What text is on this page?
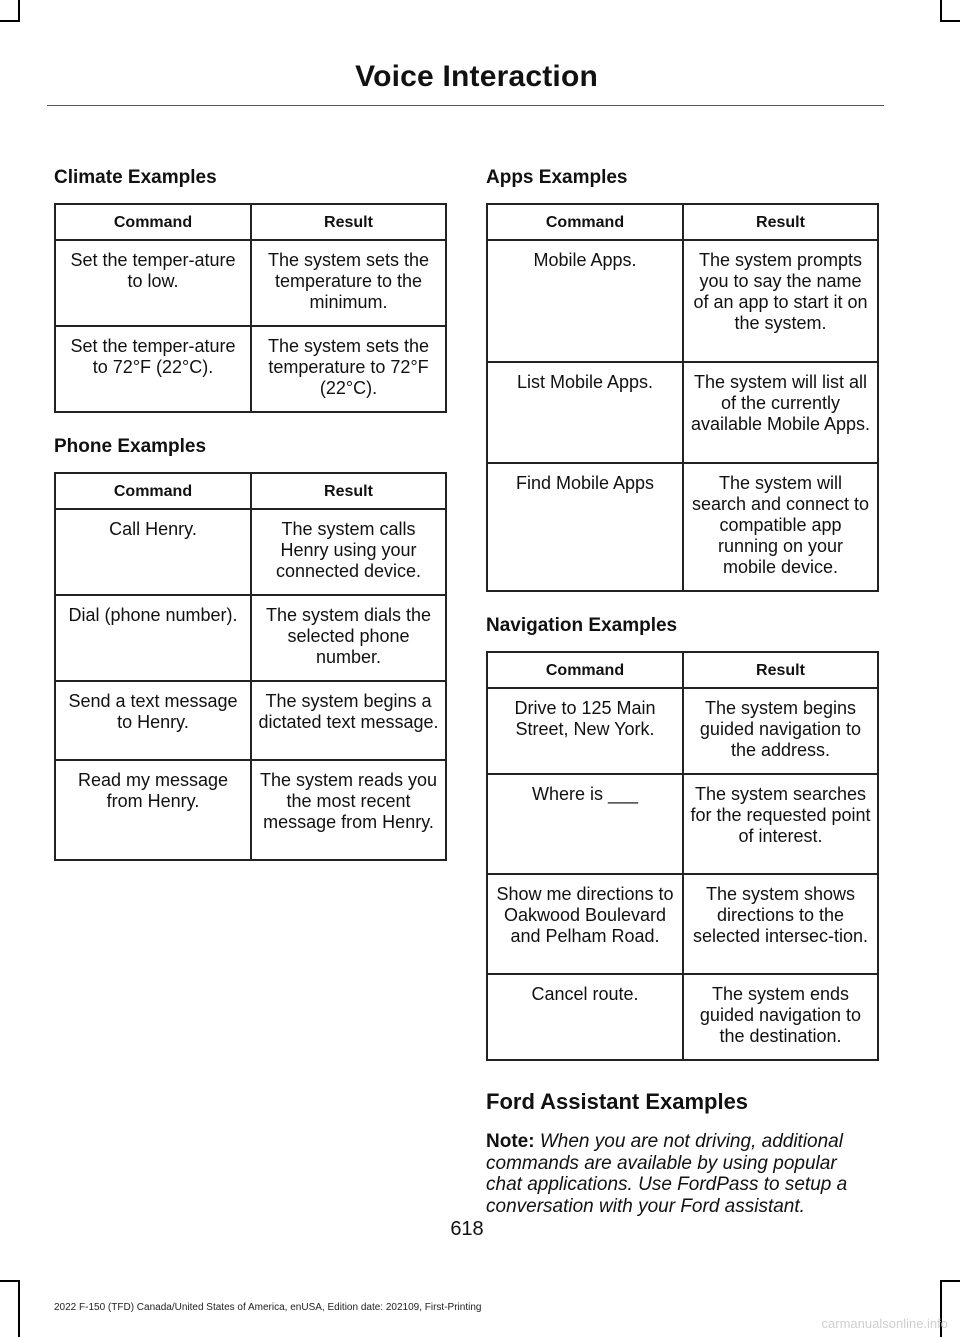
Voice Interaction
Climate Examples
Command	Result
Set the temper-ature to low.	The system sets the temperature to the minimum.
Set the temper-ature to 72°F (22°C).	The system sets the temperature to 72°F (22°C).
Phone Examples
Command	Result
Call Henry.	The system calls Henry using your connected device.
Dial (phone number).	The system dials the selected phone number.
Send a text message to Henry.	The system begins a dictated text message.
Read my message from Henry.	The system reads you the most recent message from Henry.
Apps Examples
Command	Result
Mobile Apps.	The system prompts you to say the name of an app to start it on the system.
List Mobile Apps.	The system will list all of the currently available Mobile Apps.
Find Mobile Apps	The system will search and connect to compatible app running on your mobile device.
Navigation Examples
Command	Result
Drive to 125 Main Street, New York.	The system begins guided navigation to the address.
Where is ___	The system searches for the requested point of interest.
Show me directions to Oakwood Boulevard and Pelham Road.	The system shows directions to the selected intersec-tion.
Cancel route.	The system ends guided navigation to the destination.
Ford Assistant Examples
Note: When you are not driving, additional commands are available by using popular chat applications. Use FordPass to setup a conversation with your Ford assistant.
618
2022 F-150 (TFD) Canada/United States of America, enUSA, Edition date: 202109, First-Printing
carmanualsonline.info
